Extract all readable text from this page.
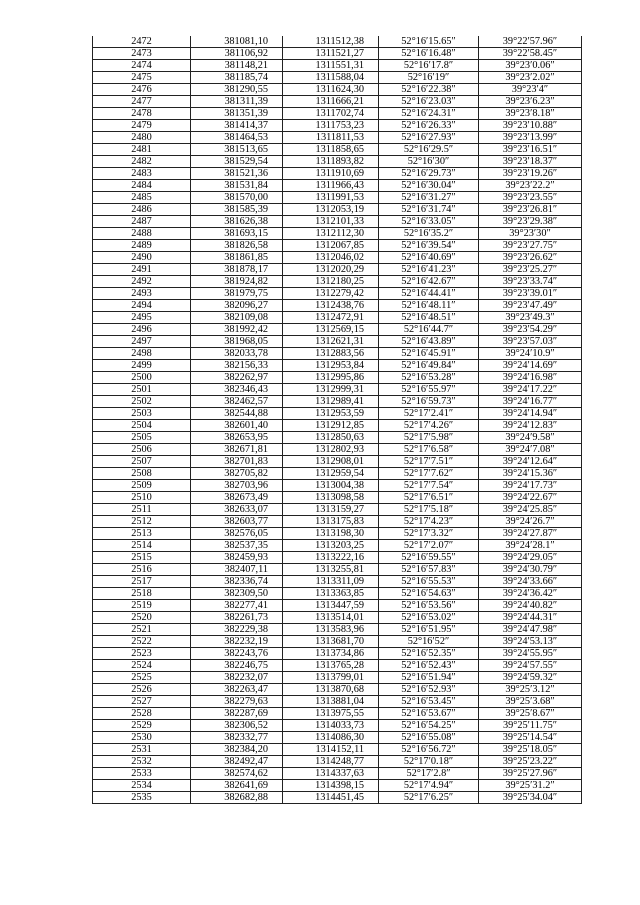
2472	381081,10	1311512,38	52°16′15.65″	39°22′57.96″
2473	381106,92	1311521,27	52°16′16.48″	39°22′58.45″
2474	381148,21	1311551,31	52°16′17.8″	39°23′0.06″
2475	381185,74	1311588,04	52°16′19″	39°23′2.02″
2476	381290,55	1311624,30	52°16′22.38″	39°23′4″
2477	381311,39	1311666,21	52°16′23.03″	39°23′6.23″
2478	381351,39	1311702,74	52°16′24.31″	39°23′8.18″
2479	381414,37	1311753,23	52°16′26.33″	39°23′10.88″
2480	381464,53	1311811,53	52°16′27.93″	39°23′13.99″
2481	381513,65	1311858,65	52°16′29.5″	39°23′16.51″
2482	381529,54	1311893,82	52°16′30″	39°23′18.37″
2483	381521,36	1311910,69	52°16′29.73″	39°23′19.26″
2484	381531,84	1311966,43	52°16′30.04″	39°23′22.2″
2485	381570,00	1311991,53	52°16′31.27″	39°23′23.55″
2486	381585,39	1312053,19	52°16′31.74″	39°23′26.81″
2487	381626,38	1312101,33	52°16′33.05″	39°23′29.38″
2488	381693,15	1312112,30	52°16′35.2″	39°23′30″
2489	381826,58	1312067,85	52°16′39.54″	39°23′27.75″
2490	381861,85	1312046,02	52°16′40.69″	39°23′26.62″
2491	381878,17	1312020,29	52°16′41.23″	39°23′25.27″
2492	381924,82	1312180,25	52°16′42.67″	39°23′33.74″
2493	381979,75	1312279,42	52°16′44.41″	39°23′39.01″
2494	382096,27	1312438,76	52°16′48.11″	39°23′47.49″
2495	382109,08	1312472,91	52°16′48.51″	39°23′49.3″
2496	381992,42	1312569,15	52°16′44.7″	39°23′54.29″
2497	381968,05	1312621,31	52°16′43.89″	39°23′57.03″
2498	382033,78	1312883,56	52°16′45.91″	39°24′10.9″
2499	382156,33	1312953,84	52°16′49.84″	39°24′14.69″
2500	382262,97	1312995,86	52°16′53.28″	39°24′16.98″
2501	382346,43	1312999,31	52°16′55.97″	39°24′17.22″
2502	382462,57	1312989,41	52°16′59.73″	39°24′16.77″
2503	382544,88	1312953,59	52°17′2.41″	39°24′14.94″
2504	382601,40	1312912,85	52°17′4.26″	39°24′12.83″
2505	382653,95	1312850,63	52°17′5.98″	39°24′9.58″
2506	382671,81	1312802,93	52°17′6.58″	39°24′7.08″
2507	382701,83	1312908,01	52°17′7.51″	39°24′12.64″
2508	382705,82	1312959,54	52°17′7.62″	39°24′15.36″
2509	382703,96	1313004,38	52°17′7.54″	39°24′17.73″
2510	382673,49	1313098,58	52°17′6.51″	39°24′22.67″
2511	382633,07	1313159,27	52°17′5.18″	39°24′25.85″
2512	382603,77	1313175,83	52°17′4.23″	39°24′26.7″
2513	382576,05	1313198,30	52°17′3.32″	39°24′27.87″
2514	382537,35	1313203,25	52°17′2.07″	39°24′28.1″
2515	382459,93	1313222,16	52°16′59.55″	39°24′29.05″
2516	382407,11	1313255,81	52°16′57.83″	39°24′30.79″
2517	382336,74	1313311,09	52°16′55.53″	39°24′33.66″
2518	382309,50	1313363,85	52°16′54.63″	39°24′36.42″
2519	382277,41	1313447,59	52°16′53.56″	39°24′40.82″
2520	382261,73	1313514,01	52°16′53.02″	39°24′44.31″
2521	382229,38	1313583,96	52°16′51.95″	39°24′47.98″
2522	382232,19	1313681,70	52°16′52″	39°24′53.13″
2523	382243,76	1313734,86	52°16′52.35″	39°24′55.95″
2524	382246,75	1313765,28	52°16′52.43″	39°24′57.55″
2525	382232,07	1313799,01	52°16′51.94″	39°24′59.32″
2526	382263,47	1313870,68	52°16′52.93″	39°25′3.12″
2527	382279,63	1313881,04	52°16′53.45″	39°25′3.68″
2528	382287,69	1313975,55	52°16′53.67″	39°25′8.67″
2529	382306,52	1314033,73	52°16′54.25″	39°25′11.75″
2530	382332,77	1314086,30	52°16′55.08″	39°25′14.54″
2531	382384,20	1314152,11	52°16′56.72″	39°25′18.05″
2532	382492,47	1314248,77	52°17′0.18″	39°25′23.22″
2533	382574,62	1314337,63	52°17′2.8″	39°25′27.96″
2534	382641,69	1314398,15	52°17′4.94″	39°25′31.2″
2535	382682,88	1314451,45	52°17′6.25″	39°25′34.04″
